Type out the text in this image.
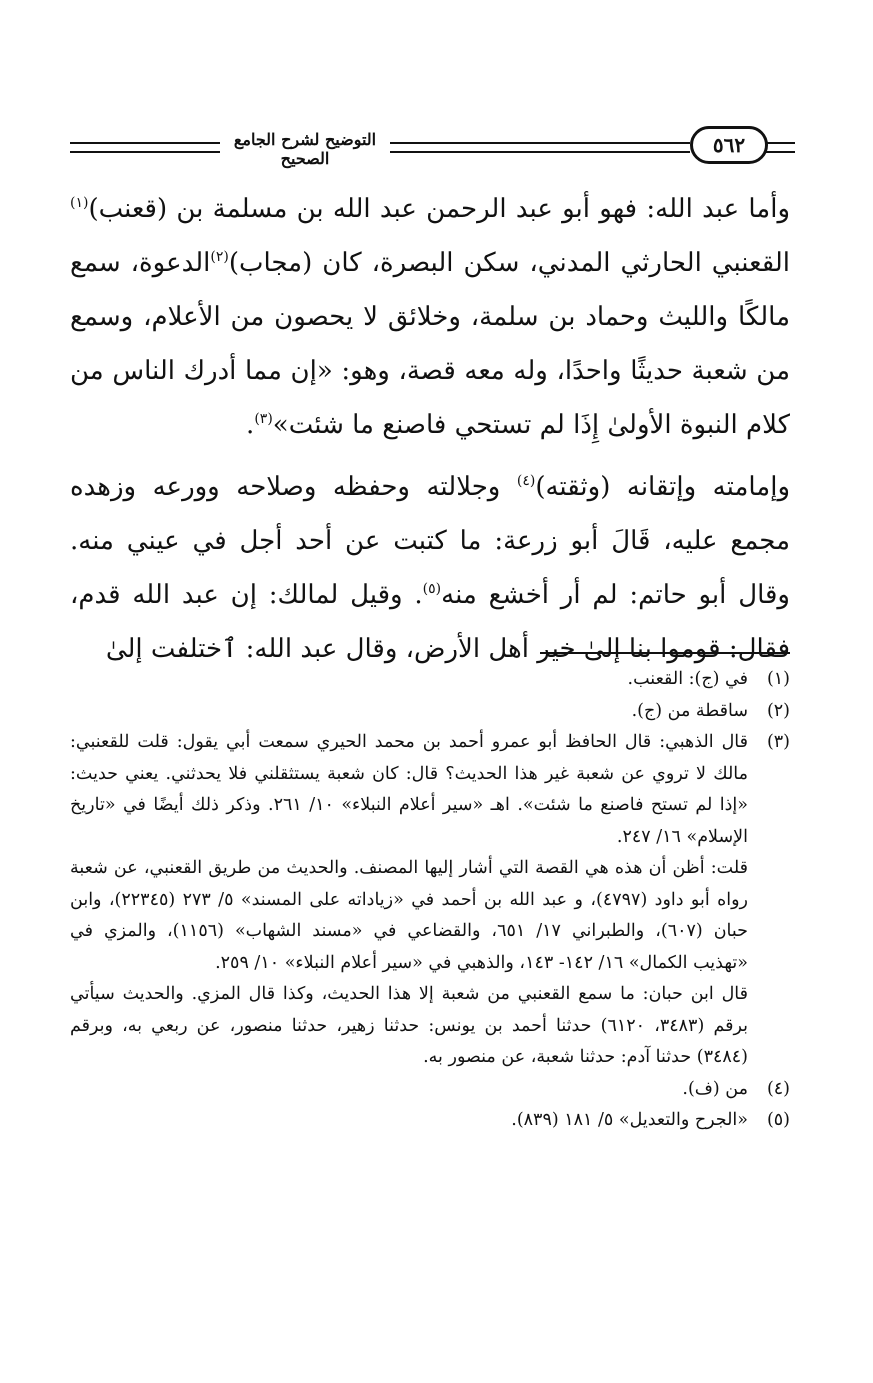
التوضيح لشرح الجامع الصحيح
٥٦٢

وأما عبد الله: فهو أبو عبد الرحمن عبد الله بن مسلمة بن (قعنب)$^{(١)}$ القعنبي الحارثي المدني، سكن البصرة، كان (مجاب)$^{(٢)}$الدعوة، سمع مالكًا والليث وحماد بن سلمة، وخلائق لا يحصون من الأعلام، وسمع من شعبة حديثًا واحدًا، وله معه قصة، وهو: «إن مما أدرك الناس من كلام النبوة الأولىٰ إِذَا لم تستحي فاصنع ما شئت»$^{(٣)}$.

وإمامته وإتقانه (وثقته)$^{(٤)}$ وجلالته وحفظه وصلاحه وورعه وزهده مجمع عليه، قَالَ أبو زرعة: ما كتبت عن أحد أجل في عيني منه. وقال أبو حاتم: لم أر أخشع منه$^{(٥)}$. وقيل لمالك: إن عبد الله قدم، فقال: قوموا بنا إلىٰ خير أهل الأرض، وقال عبد الله: ٱختلفت إلىٰ

(١)

في (ج): القعنب.

(٢)

ساقطة من (ج).

(٣)

قال الذهبي: قال الحافظ أبو عمرو أحمد بن محمد الحيري سمعت أبي يقول: قلت للقعنبي: مالك لا تروي عن شعبة غير هذا الحديث؟ قال: كان شعبة يستثقلني فلا يحدثني. يعني حديث: «إذا لم تستح فاصنع ما شئت». اهـ «سير أعلام النبلاء» ١٠/ ٢٦١. وذكر ذلك أيضًا في «تاريخ الإسلام» ١٦/ ٢٤٧.

قلت: أظن أن هذه هي القصة التي أشار إليها المصنف. والحديث من طريق القعنبي، عن شعبة رواه أبو داود (٤٧٩٧)، و عبد الله بن أحمد في «زياداته على المسند» ٥/ ٢٧٣ (٢٢٣٤٥)، وابن حبان (٦٠٧)، والطبراني ١٧/ ٦٥١، والقضاعي في «مسند الشهاب» (١١٥٦)، والمزي في «تهذيب الكمال» ١٦/ ١٤٢- ١٤٣، والذهبي في «سير أعلام النبلاء» ١٠/ ٢٥٩.

قال ابن حبان: ما سمع القعنبي من شعبة إلا هذا الحديث، وكذا قال المزي. والحديث سيأتي برقم (٣٤٨٣، ٦١٢٠) حدثنا أحمد بن يونس: حدثنا زهير، حدثنا منصور، عن ربعي به، وبرقم (٣٤٨٤) حدثنا آدم: حدثنا شعبة، عن منصور به.

(٤)

من (ف).

(٥)

«الجرح والتعديل» ٥/ ١٨١ (٨٣٩).
